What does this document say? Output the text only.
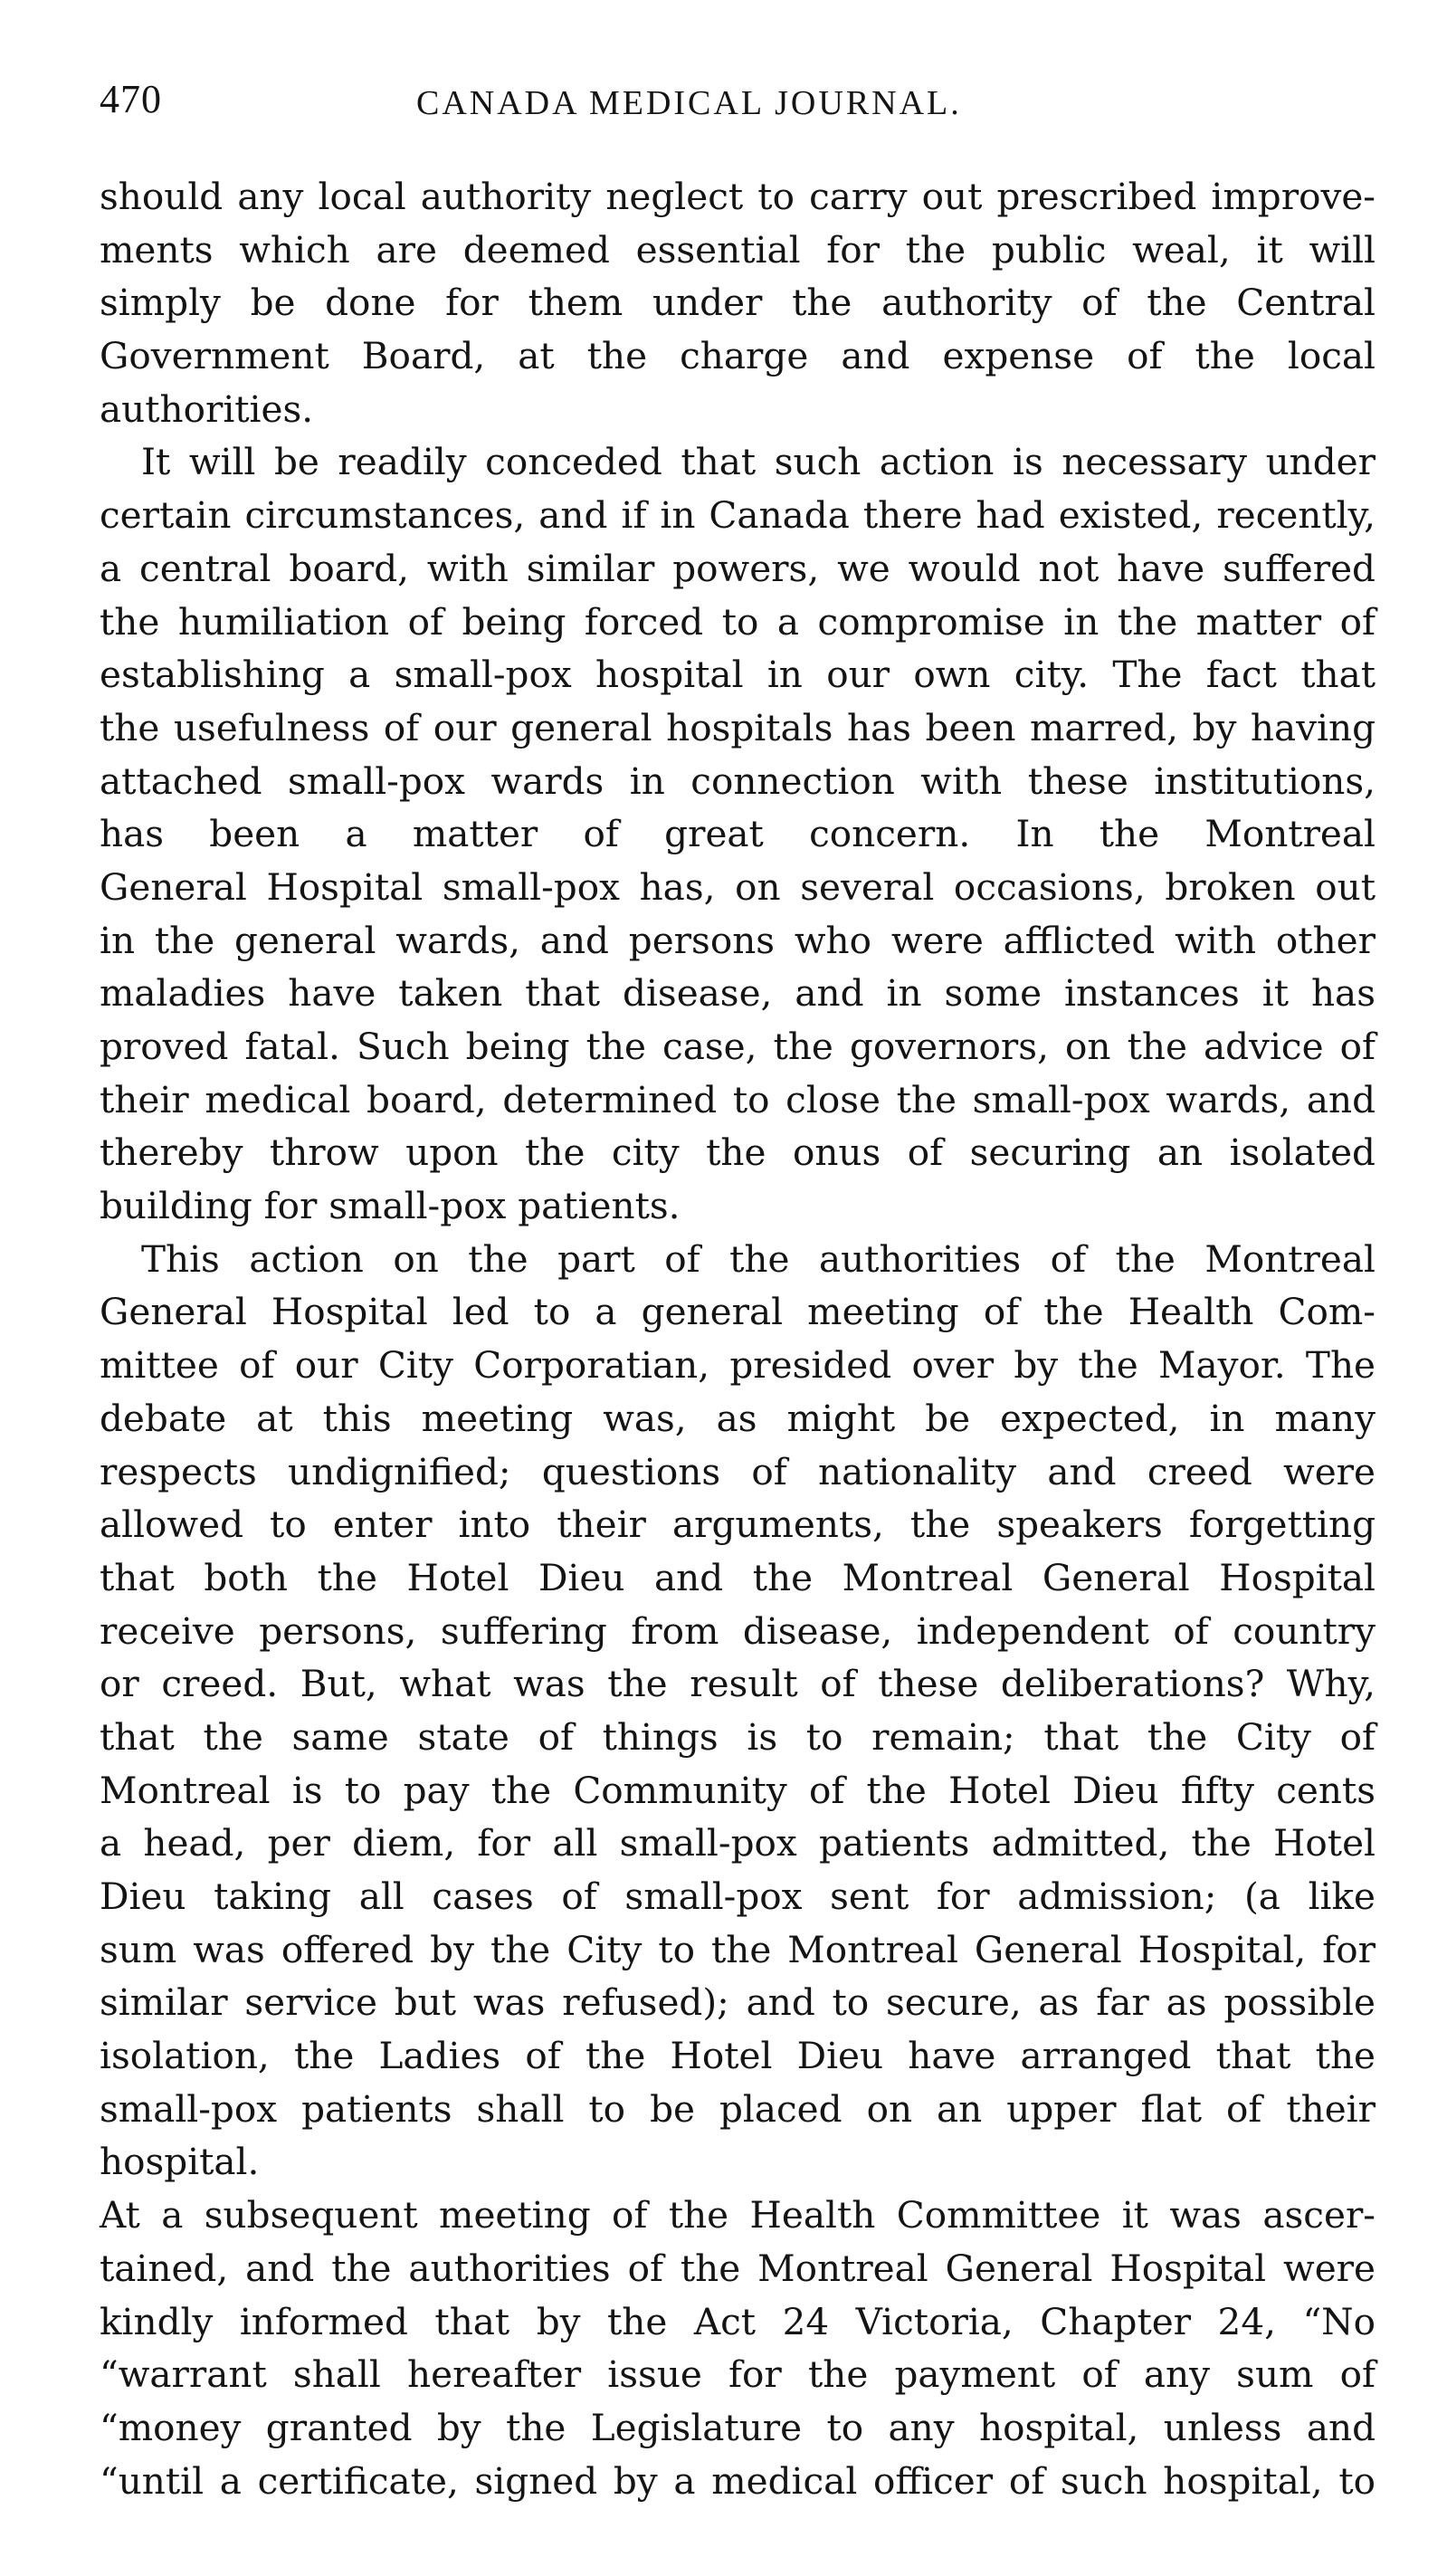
470	CANADA MEDICAL JOURNAL.

should any local authority neglect to carry out prescribed improve-
ments which are deemed essential for the public weal, it will
simply be done for them under the authority of the Central
Government Board, at the charge and expense of the local
authorities.

It will be readily conceded that such action is necessary under
certain circumstances, and if in Canada there had existed, recently,
a central board, with similar powers, we would not have suffered
the humiliation of being forced to a compromise in the matter of
establishing a small-pox hospital in our own city. The fact that
the usefulness of our general hospitals has been marred, by having
attached small-pox wards in connection with these institutions,
has been a matter of great concern. In the Montreal
General Hospital small-pox has, on several occasions, broken out
in the general wards, and persons who were afflicted with other
maladies have taken that disease, and in some instances it has
proved fatal. Such being the case, the governors, on the advice of
their medical board, determined to close the small-pox wards, and
thereby throw upon the city the onus of securing an isolated
building for small-pox patients.

This action on the part of the authorities of the Montreal
General Hospital led to a general meeting of the Health Com-
mittee of our City Corporatian, presided over by the Mayor. The
debate at this meeting was, as might be expected, in many
respects undignified; questions of nationality and creed were
allowed to enter into their arguments, the speakers forgetting
that both the Hotel Dieu and the Montreal General Hospital
receive persons, suffering from disease, independent of country
or creed. But, what was the result of these deliberations? Why,
that the same state of things is to remain; that the City of
Montreal is to pay the Community of the Hotel Dieu fifty cents
a head, per diem, for all small-pox patients admitted, the Hotel
Dieu taking all cases of small-pox sent for admission; (a like
sum was offered by the City to the Montreal General Hospital, for
similar service but was refused); and to secure, as far as possible
isolation, the Ladies of the Hotel Dieu have arranged that the
small-pox patients shall to be placed on an upper flat of their
hospital.

At a subsequent meeting of the Health Committee it was ascer-
tained, and the authorities of the Montreal General Hospital were
kindly informed that by the Act 24 Victoria, Chapter 24, “No
“warrant shall hereafter issue for the payment of any sum of
“money granted by the Legislature to any hospital, unless and
“until a certificate, signed by a medical officer of such hospital, to
